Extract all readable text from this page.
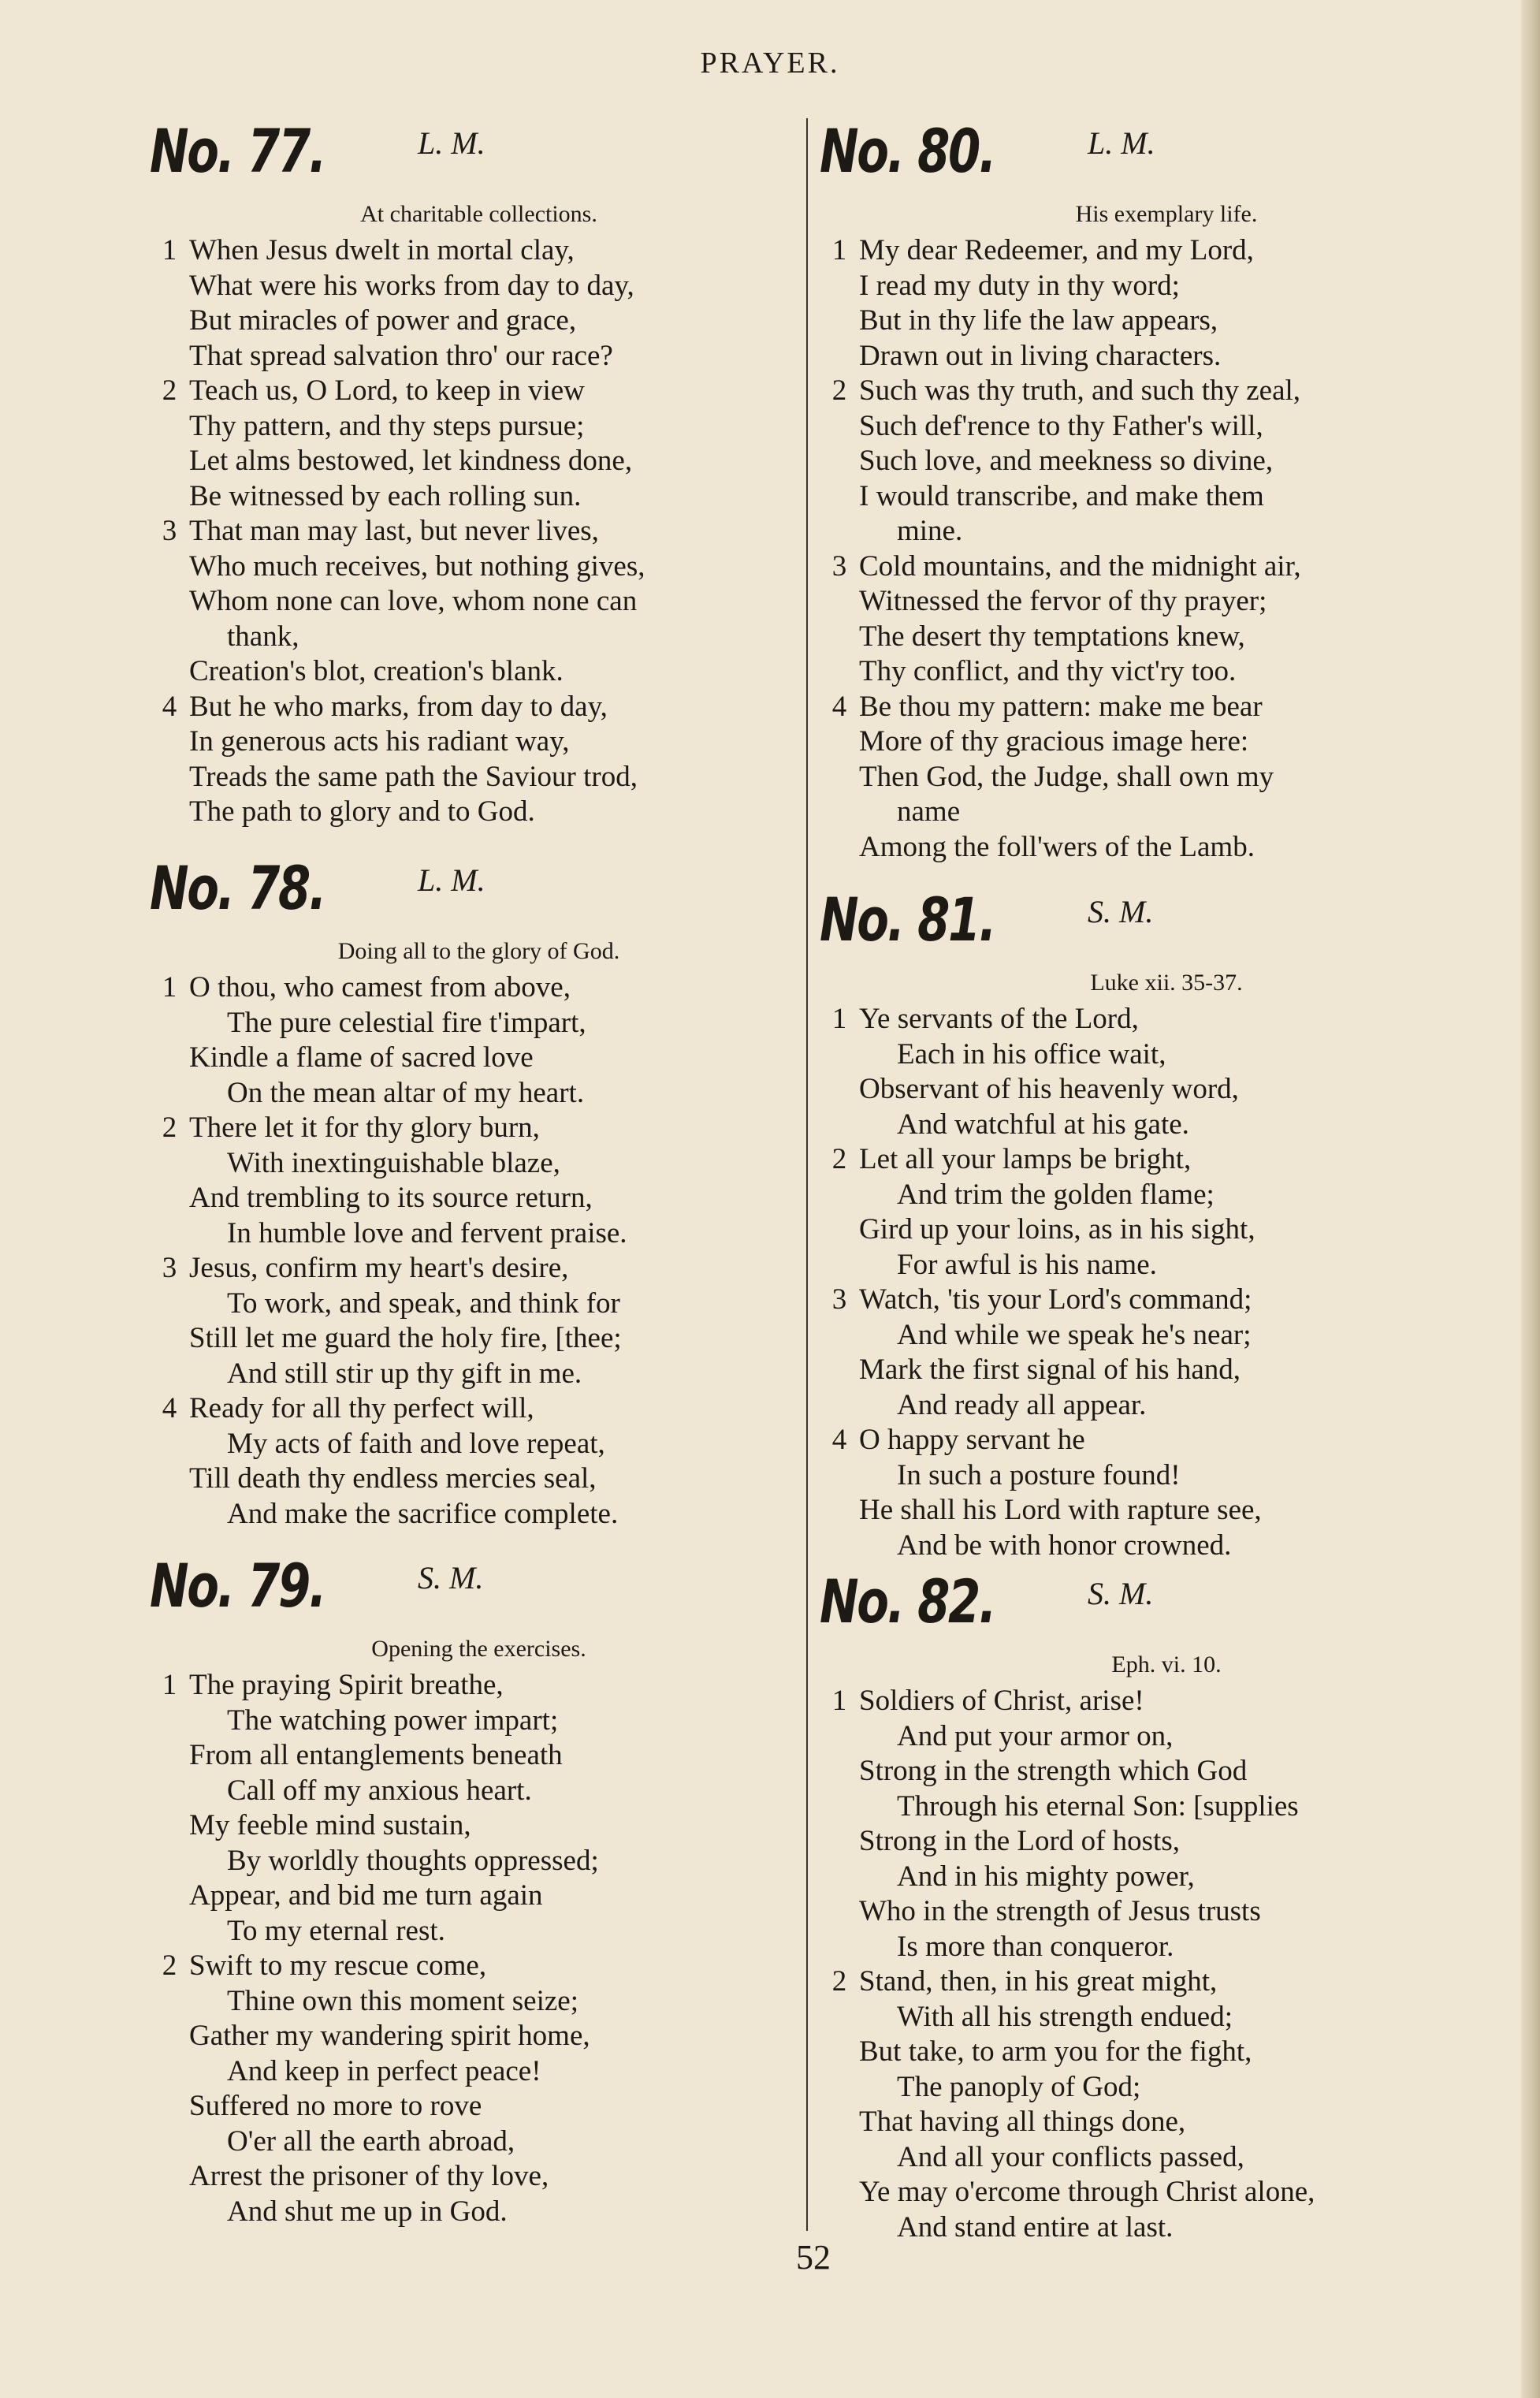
PRAYER.
No. 77.	L. M.
At charitable collections.
1 When Jesus dwelt in mortal clay,
What were his works from day to day,
But miracles of power and grace,
That spread salvation thro' our race?
2 Teach us, O Lord, to keep in view
Thy pattern, and thy steps pursue;
Let alms bestowed, let kindness done,
Be witnessed by each rolling sun.
3 That man may last, but never lives,
Who much receives, but nothing gives,
Whom none can love, whom none can
thank,
Creation's blot, creation's blank.
4 But he who marks, from day to day,
In generous acts his radiant way,
Treads the same path the Saviour trod,
The path to glory and to God.
No. 78.	L. M.
Doing all to the glory of God.
1 O thou, who camest from above,
The pure celestial fire t'impart,
Kindle a flame of sacred love
On the mean altar of my heart.
2 There let it for thy glory burn,
With inextinguishable blaze,
And trembling to its source return,
In humble love and fervent praise.
3 Jesus, confirm my heart's desire,
To work, and speak, and think for
Still let me guard the holy fire, [thee;
And still stir up thy gift in me.
4 Ready for all thy perfect will,
My acts of faith and love repeat,
Till death thy endless mercies seal,
And make the sacrifice complete.
No. 79.	S. M.
Opening the exercises.
1 The praying Spirit breathe,
The watching power impart;
From all entanglements beneath
Call off my anxious heart.
My feeble mind sustain,
By worldly thoughts oppressed;
Appear, and bid me turn again
To my eternal rest.
2 Swift to my rescue come,
Thine own this moment seize;
Gather my wandering spirit home,
And keep in perfect peace!
Suffered no more to rove
O'er all the earth abroad,
Arrest the prisoner of thy love,
And shut me up in God.
No. 80.	L. M.
His exemplary life.
1 My dear Redeemer, and my Lord,
I read my duty in thy word;
But in thy life the law appears,
Drawn out in living characters.
2 Such was thy truth, and such thy zeal,
Such def'rence to thy Father's will,
Such love, and meekness so divine,
I would transcribe, and make them
mine.
3 Cold mountains, and the midnight air,
Witnessed the fervor of thy prayer;
The desert thy temptations knew,
Thy conflict, and thy vict'ry too.
4 Be thou my pattern: make me bear
More of thy gracious image here:
Then God, the Judge, shall own my
name
Among the foll'wers of the Lamb.
No. 81.	S. M.
Luke xii. 35-37.
1 Ye servants of the Lord,
Each in his office wait,
Observant of his heavenly word,
And watchful at his gate.
2 Let all your lamps be bright,
And trim the golden flame;
Gird up your loins, as in his sight,
For awful is his name.
3 Watch, 'tis your Lord's command;
And while we speak he's near;
Mark the first signal of his hand,
And ready all appear.
4 O happy servant he
In such a posture found!
He shall his Lord with rapture see,
And be with honor crowned.
No. 82.	S. M.
Eph. vi. 10.
1 Soldiers of Christ, arise!
And put your armor on,
Strong in the strength which God
Through his eternal Son: [supplies
Strong in the Lord of hosts,
And in his mighty power,
Who in the strength of Jesus trusts
Is more than conqueror.
2 Stand, then, in his great might,
With all his strength endued;
But take, to arm you for the fight,
The panoply of God;
That having all things done,
And all your conflicts passed,
Ye may o'ercome through Christ alone,
And stand entire at last.
52
